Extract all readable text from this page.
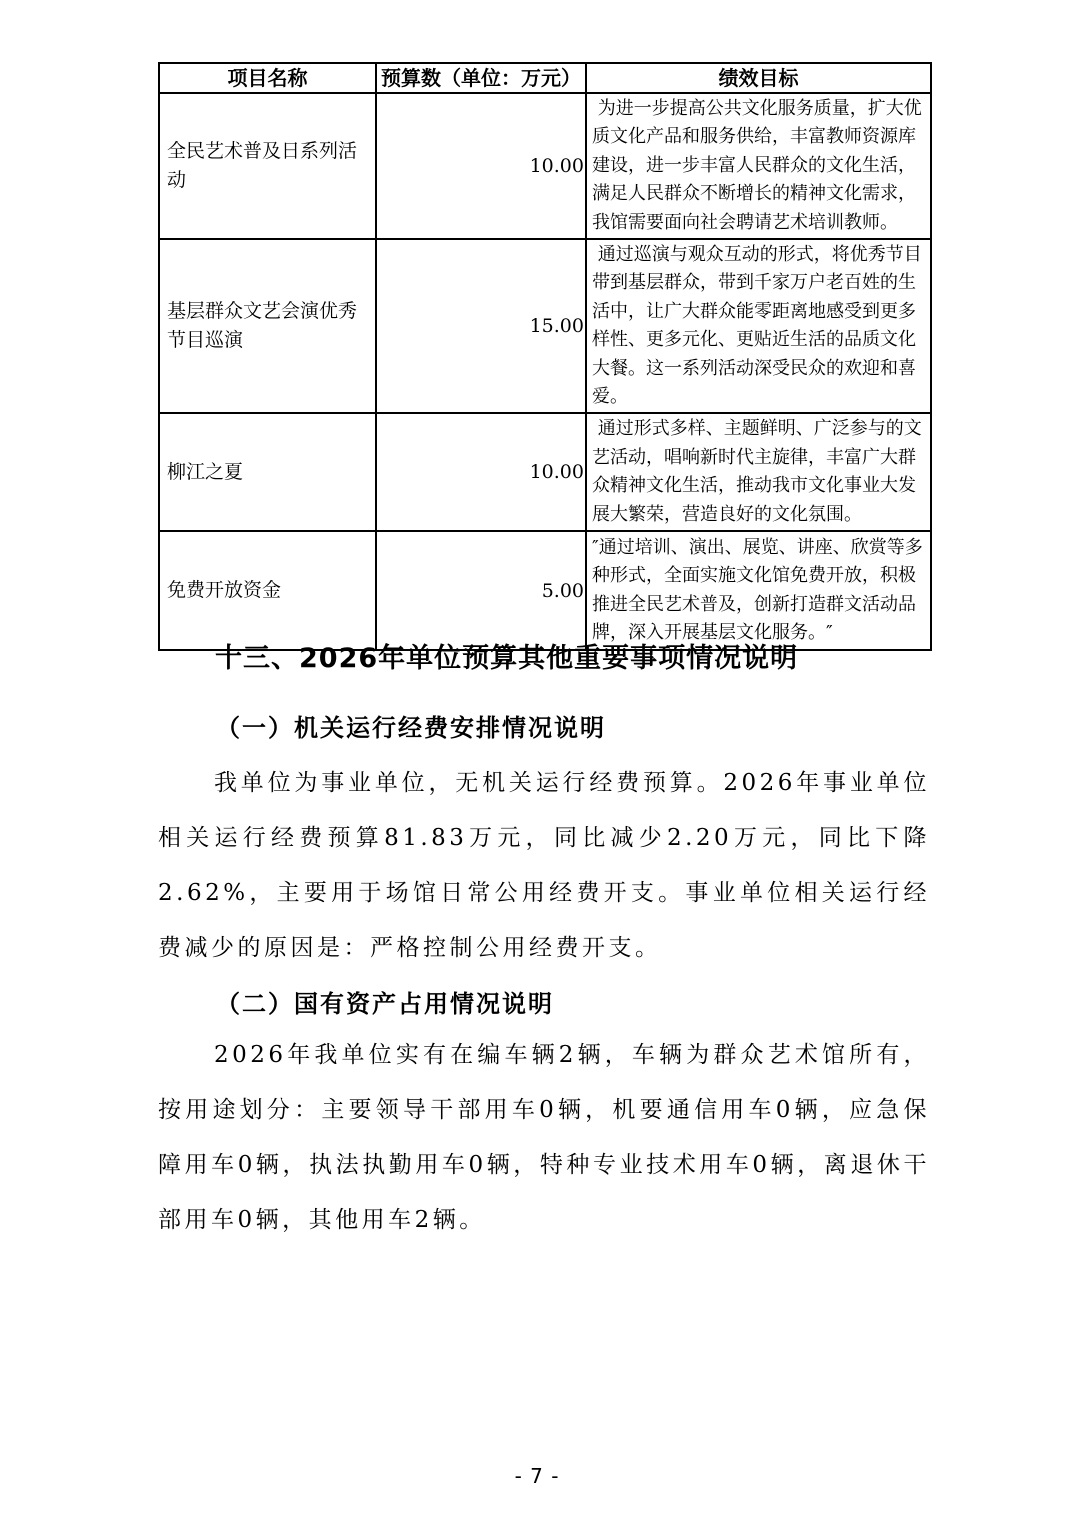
项目名称	预算数（单位：万元）	绩效目标
全民艺术普及日系列活动	10.00	为进一步提高公共文化服务质量，扩大优质文化产品和服务供给，丰富教师资源库建设，进一步丰富人民群众的文化生活，满足人民群众不断增长的精神文化需求，我馆需要面向社会聘请艺术培训教师。
基层群众文艺会演优秀节目巡演	15.00	通过巡演与观众互动的形式，将优秀节目带到基层群众，带到千家万户老百姓的生活中，让广大群众能零距离地感受到更多样性、更多元化、更贴近生活的品质文化大餐。这一系列活动深受民众的欢迎和喜爱。
柳江之夏	10.00	通过形式多样、主题鲜明、广泛参与的文艺活动，唱响新时代主旋律，丰富广大群众精神文化生活，推动我市文化事业大发展大繁荣，营造良好的文化氛围。
免费开放资金	5.00	″通过培训、演出、展览、讲座、欣赏等多种形式，全面实施文化馆免费开放，积极推进全民艺术普及，创新打造群文活动品牌，深入开展基层文化服务。″
十三、2026年单位预算其他重要事项情况说明
（一）机关运行经费安排情况说明

我单位为事业单位，无机关运行经费预算。2026年事业单位相关运行经费预算81.83万元，同比减少2.20万元，同比下降2.62%，主要用于场馆日常公用经费开支。事业单位相关运行经费减少的原因是：严格控制公用经费开支。

（二）国有资产占用情况说明

2026年我单位实有在编车辆2辆，车辆为群众艺术馆所有，按用途划分：主要领导干部用车0辆，机要通信用车0辆，应急保障用车0辆，执法执勤用车0辆，特种专业技术用车0辆，离退休干部用车0辆，其他用车2辆。

- 7 -
